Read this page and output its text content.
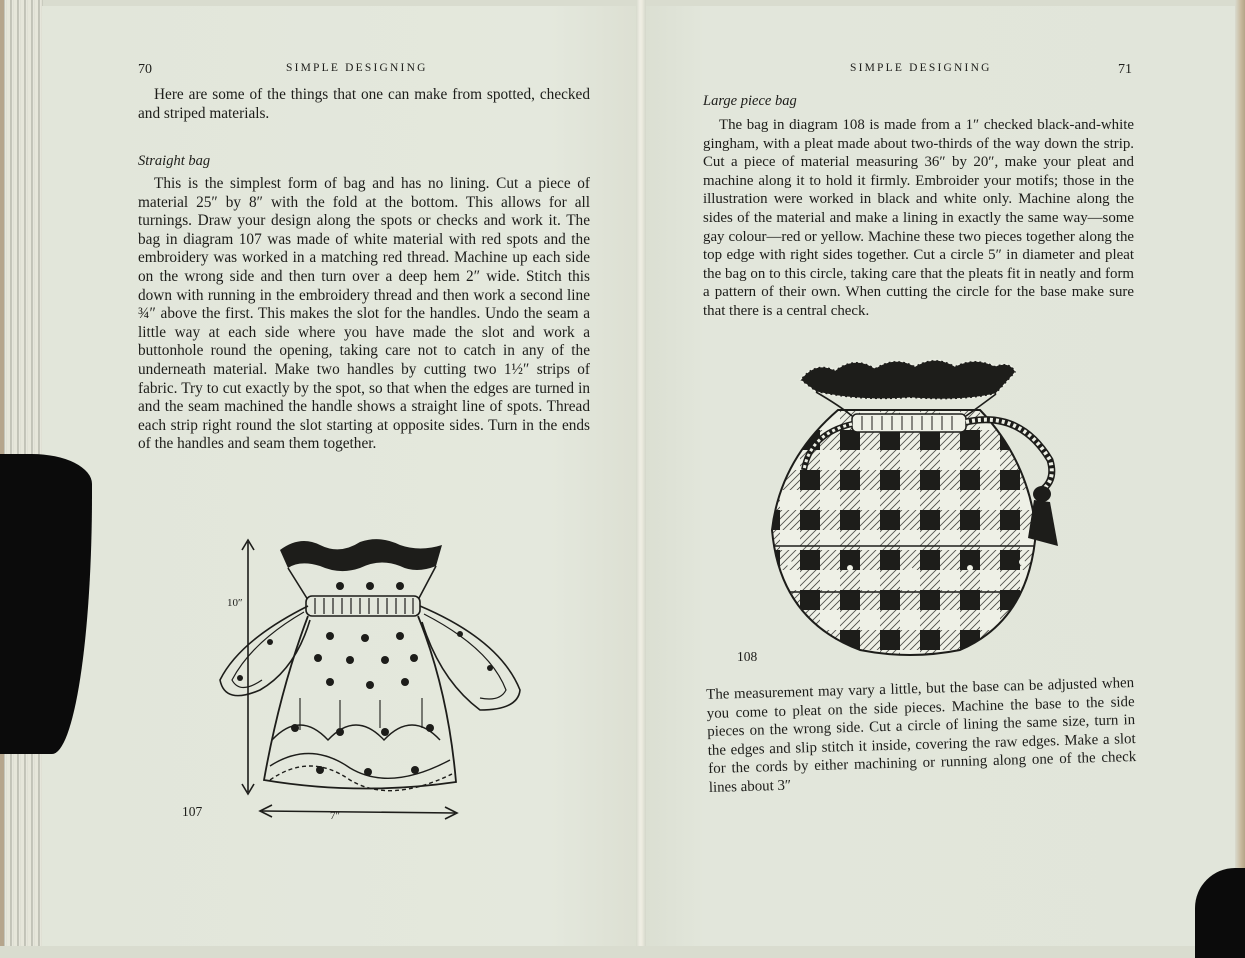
70	SIMPLE DESIGNING

Here are some of the things that one can make from spotted, checked and striped materials.

Straight bag

This is the simplest form of bag and has no lining. Cut a piece of material 25″ by 8″ with the fold at the bottom. This allows for all turnings. Draw your design along the spots or checks and work it. The bag in diagram 107 was made of white material with red spots and the embroidery was worked in a matching red thread. Machine up each side on the wrong side and then turn over a deep hem 2″ wide. Stitch this down with running in the embroidery thread and then work a second line ¾″ above the first. This makes the slot for the handles. Undo the seam a little way at each side where you have made the slot and work a buttonhole round the opening, taking care not to catch in any of the underneath material. Make two handles by cutting two 1½″ strips of fabric. Try to cut exactly by the spot, so that when the edges are turned in and the seam machined the handle shows a straight line of spots. Thread each strip right round the slot starting at opposite sides. Turn in the ends of the handles and seam them together.

10″
7″
107
SIMPLE DESIGNING	71
Large piece bag

The bag in diagram 108 is made from a 1″ checked black-and-white gingham, with a pleat made about two-thirds of the way down the strip. Cut a piece of material measuring 36″ by 20″, make your pleat and machine along it to hold it firmly. Embroider your motifs; those in the illustration were worked in black and white only. Machine along the sides of the material and make a lining in exactly the same way—some gay colour—red or yellow. Machine these two pieces together along the top edge with right sides together. Cut a circle 5″ in diameter and pleat the bag on to this circle, taking care that the pleats fit in neatly and form a pattern of their own. When cutting the circle for the base make sure that there is a central check.

108

The measurement may vary a little, but the base can be adjusted when you come to pleat on the side pieces. Machine the base to the side pieces on the wrong side. Cut a circle of lining the same size, turn in the edges and slip stitch it inside, covering the raw edges. Make a slot for the cords by either machining or running along one of the check lines about 3″
